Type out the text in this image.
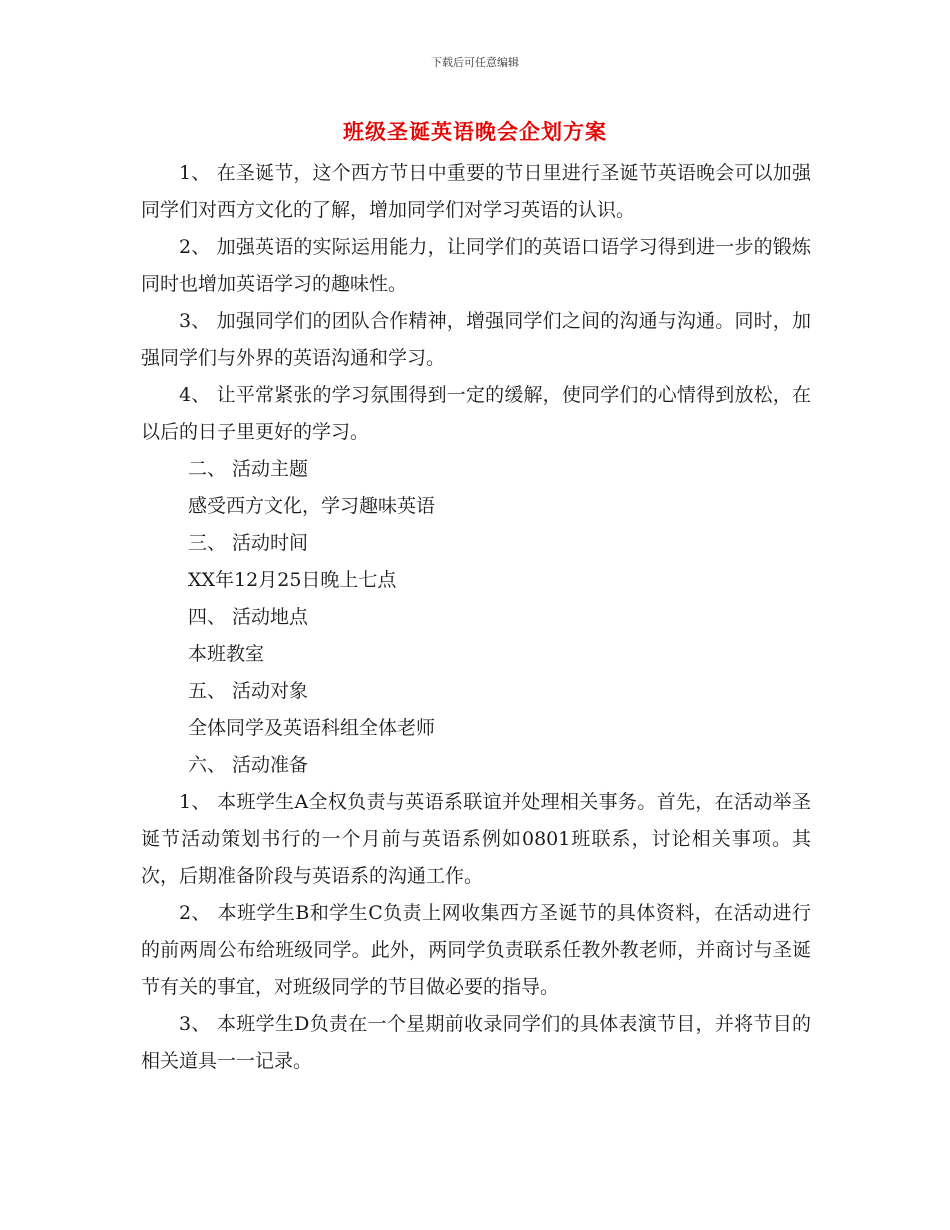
下载后可任意编辑
班级圣诞英语晚会企划方案

1、 在圣诞节，这个西方节日中重要的节日里进行圣诞节英语晚会可以加强同学们对西方文化的了解，增加同学们对学习英语的认识。

2、 加强英语的实际运用能力，让同学们的英语口语学习得到进一步的锻炼同时也增加英语学习的趣味性。

3、 加强同学们的团队合作精神，增强同学们之间的沟通与沟通。同时，加强同学们与外界的英语沟通和学习。

4、 让平常紧张的学习氛围得到一定的缓解，使同学们的心情得到放松，在以后的日子里更好的学习。

二、 活动主题

感受西方文化，学习趣味英语

三、 活动时间

XX年12月25日晚上七点

四、 活动地点

本班教室

五、 活动对象

全体同学及英语科组全体老师

六、 活动准备

1、 本班学生A全权负责与英语系联谊并处理相关事务。首先，在活动举圣诞节活动策划书行的一个月前与英语系例如0801班联系，讨论相关事项。其次，后期准备阶段与英语系的沟通工作。

2、 本班学生B和学生C负责上网收集西方圣诞节的具体资料，在活动进行的前两周公布给班级同学。此外，两同学负责联系任教外教老师，并商讨与圣诞节有关的事宜，对班级同学的节目做必要的指导。

3、 本班学生D负责在一个星期前收录同学们的具体表演节目，并将节目的相关道具一一记录。
